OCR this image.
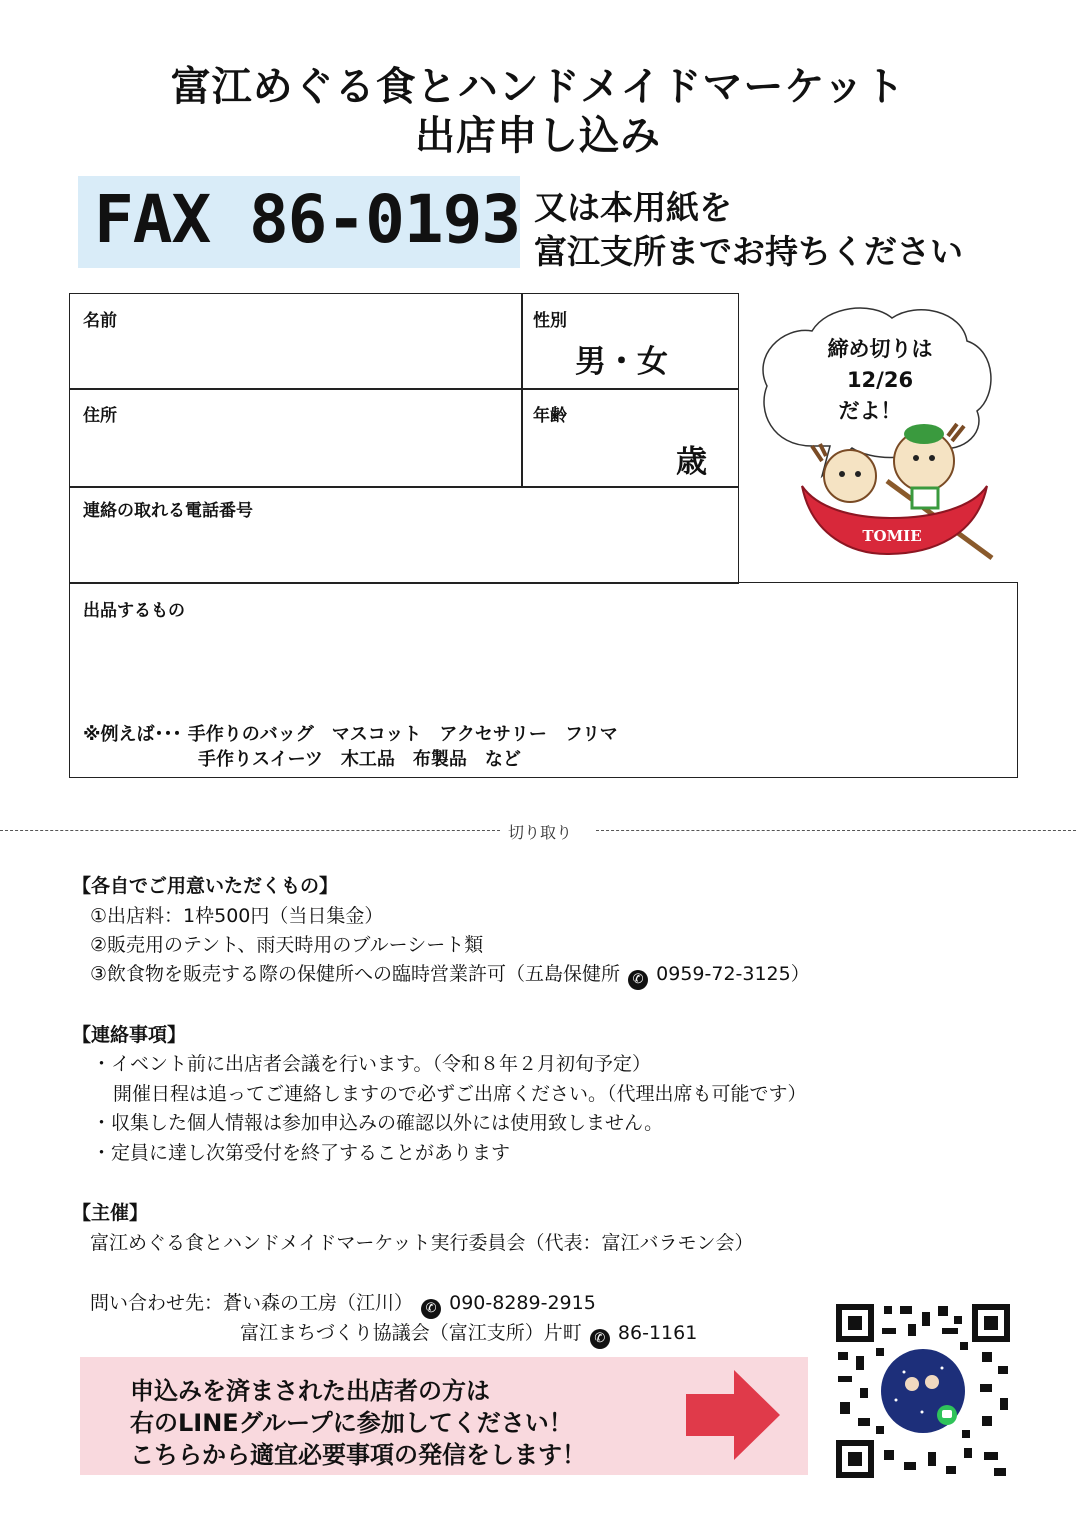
富江めぐる食とハンドメイドマーケット
出店申し込み
FAX 86-0193 又は本用紙を
富江支所までお持ちください
名前	性別
男・女
住所	年齢
歳
連絡の取れる電話番号
出品するもの
※例えば･･･ 手作りのバッグ　マスコット　アクセサリー　フリマ
手作りスイーツ　木工品　布製品　など
締め切りは
12/26
だよ！
TOMIE
切り取り
【各自でご用意いただくもの】
①出店料：1枠500円（当日集金）
②販売用のテント、雨天時用のブルーシート類
③飲食物を販売する際の保健所への臨時営業許可（五島保健所 ✆ 0959-72-3125）
【連絡事項】
・イベント前に出店者会議を行います。（令和８年２月初旬予定）
開催日程は追ってご連絡しますので必ずご出席ください。（代理出席も可能です）
・収集した個人情報は参加申込みの確認以外には使用致しません。
・定員に達し次第受付を終了することがあります
【主催】
富江めぐる食とハンドメイドマーケット実行委員会（代表：富江バラモン会）
問い合わせ先：蒼い森の工房（江川） ✆ 090-8289-2915
富江まちづくり協議会（富江支所）片町 ✆ 86-1161
申込みを済まされた出店者の方は
右のLINEグループに参加してください！
こちらから適宜必要事項の発信をします！
